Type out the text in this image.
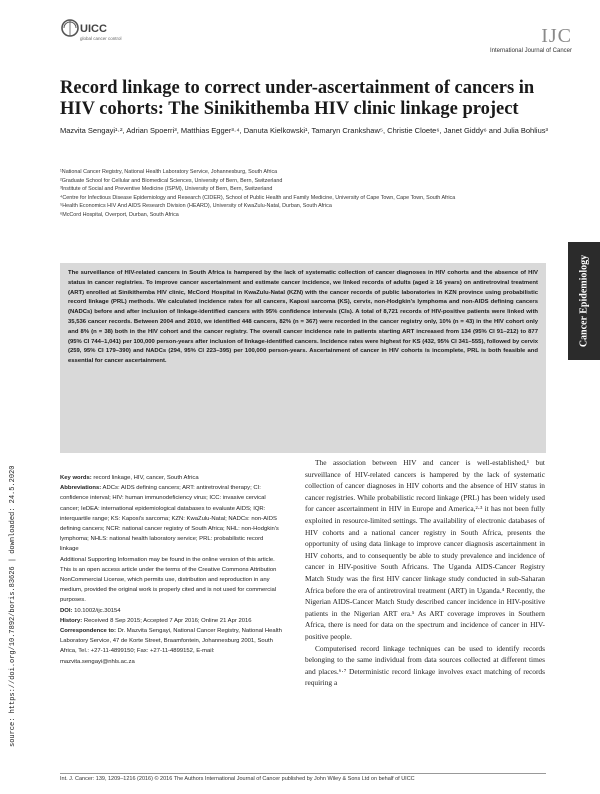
UICC
global cancer control	IJC
International Journal of Cancer
Record linkage to correct under-ascertainment of cancers in HIV cohorts: The Sinikithemba HIV clinic linkage project

Mazvita Sengayi¹·², Adrian Spoerri³, Matthias Egger³·⁴, Danuta Kielkowski¹, Tamaryn Crankshaw⁵, Christie Cloete⁶, Janet Giddy⁶ and Julia Bohlius³

¹National Cancer Registry, National Health Laboratory Service, Johannesburg, South Africa
²Graduate School for Cellular and Biomedical Sciences, University of Bern, Bern, Switzerland
³Institute of Social and Preventive Medicine (ISPM), University of Bern, Bern, Switzerland
⁴Centre for Infectious Disease Epidemiology and Research (CIDER), School of Public Health and Family Medicine, University of Cape Town, Cape Town, South Africa
⁵Health Economics HIV And AIDS Research Division (HEARD), University of KwaZulu-Natal, Durban, South Africa
⁶McCord Hospital, Overport, Durban, South Africa
Cancer Epidemiology

The surveillance of HIV-related cancers in South Africa is hampered by the lack of systematic collection of cancer diagnoses in HIV cohorts and the absence of HIV status in cancer registries. To improve cancer ascertainment and estimate cancer incidence, we linked records of adults (aged ≥ 16 years) on antiretroviral treatment (ART) enrolled at Sinikithemba HIV clinic, McCord Hospital in KwaZulu-Natal (KZN) with the cancer records of public laboratories in KZN province using probabilistic record linkage (PRL) methods. We calculated incidence rates for all cancers, Kaposi sarcoma (KS), cervix, non-Hodgkin's lymphoma and non-AIDS defining cancers (NADCs) before and after inclusion of linkage-identified cancers with 95% confidence intervals (CIs). A total of 8,721 records of HIV-positive patients were linked with 35,536 cancer records. Between 2004 and 2010, we identified 448 cancers, 82% (n = 367) were recorded in the cancer registry only, 10% (n = 43) in the HIV cohort only and 8% (n = 38) both in the HIV cohort and the cancer registry. The overall cancer incidence rate in patients starting ART increased from 134 (95% CI 91–212) to 877 (95% CI 744–1,041) per 100,000 person-years after inclusion of linkage-identified cancers. Incidence rates were highest for KS (432, 95% CI 341–555), followed by cervix (259, 95% CI 179–390) and NADCs (294, 95% CI 223–395) per 100,000 person-years. Ascertainment of cancer in HIV cohorts is incomplete, PRL is both feasible and essential for cancer ascertainment.

source: https://doi.org/10.7892/boris.83626 | downloaded: 24.5.2020	Key words: record linkage, HIV, cancer, South Africa

Abbreviations: ADCs: AIDS defining cancers; ART: antiretroviral therapy; CI: confidence interval; HIV: human immunodeficiency virus; ICC: invasive cervical cancer; IeDEA: international epidemiological databases to evaluate AIDS; IQR: interquartile range; KS: Kaposi's sarcoma; KZN: KwaZulu-Natal; NADCs: non-AIDS defining cancers; NCR: national cancer registry of South Africa; NHL: non-Hodgkin's lymphoma; NHLS: national health laboratory service; PRL: probabilistic record linkage

Additional Supporting Information may be found in the online version of this article.

This is an open access article under the terms of the Creative Commons Attribution NonCommercial License, which permits use, distribution and reproduction in any medium, provided the original work is properly cited and is not used for commercial purposes.

DOI: 10.1002/ijc.30154

History: Received 8 Sep 2015; Accepted 7 Apr 2016; Online 21 Apr 2016

Correspondence to: Dr. Mazvita Sengayi, National Cancer Registry, National Health Laboratory Service, 47 de Korte Street, Braamfontein, Johannesburg 2001, South Africa, Tel.: +27-11-4899150; Fax: +27-11-4899152, E-mail: mazvita.sengayi@nhls.ac.za

The association between HIV and cancer is well-established,¹ but surveillance of HIV-related cancers is hampered by the lack of systematic collection of cancer diagnoses in HIV cohorts and the absence of HIV status in cancer registries. While probabilistic record linkage (PRL) has been widely used for cancer ascertainment in HIV in Europe and America,²·³ it has not been fully exploited in resource-limited settings. The availability of electronic databases of HIV cohorts and a national cancer registry in South Africa, presents the opportunity of using data linkage to improve cancer diagnosis ascertainment in HIV cohorts, and to consequently be able to study prevalence and incidence of cancer in HIV-positive South Africans. The Uganda AIDS-Cancer Registry Match Study was the first HIV cancer linkage study conducted in sub-Saharan Africa before the era of antiretroviral treatment (ART) in Uganda.⁴ Recently, the Nigerian AIDS-Cancer Match Study described cancer incidence in HIV-positive patients in the Nigerian ART era.⁵ As ART coverage improves in Southern Africa, there is need for data on the spectrum and incidence of cancer in HIV-positive people.

Computerised record linkage techniques can be used to identify records belonging to the same individual from data sources collected at different times and places.⁶·⁷ Deterministic record linkage involves exact matching of records requiring a

Int. J. Cancer: 139, 1209–1216 (2016) © 2016 The Authors International Journal of Cancer published by John Wiley & Sons Ltd on behalf of UICC
